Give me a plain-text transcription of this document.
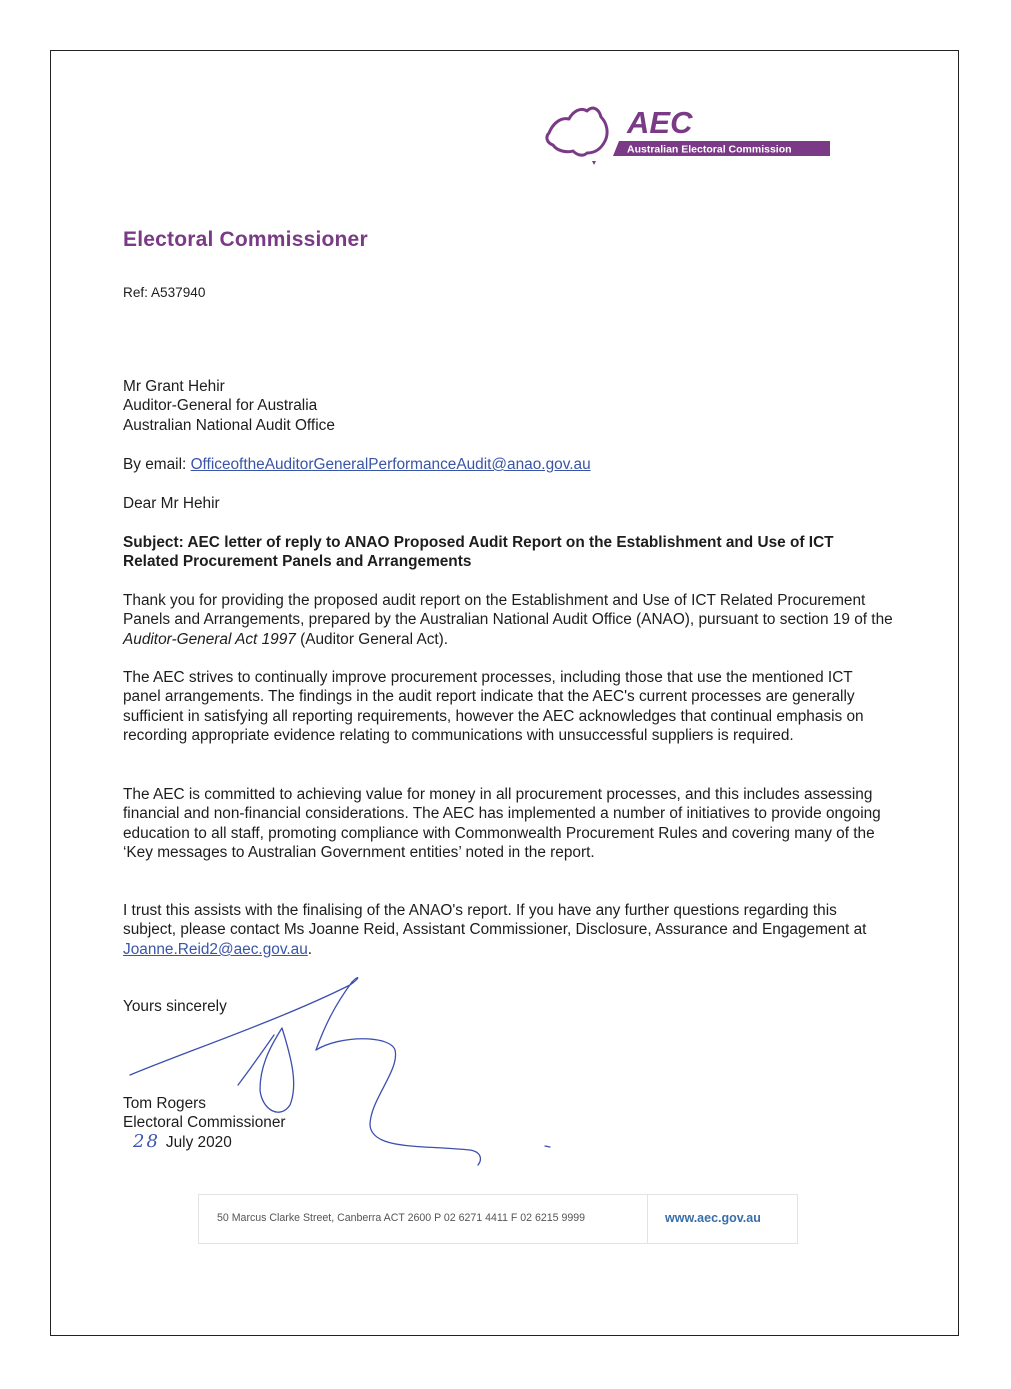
AEC
Australian Electoral Commission
Electoral Commissioner
Ref: A537940
Mr Grant Hehir
Auditor-General for Australia
Australian National Audit Office
By email: OfficeoftheAuditorGeneralPerformanceAudit@anao.gov.au
Dear Mr Hehir
Subject: AEC letter of reply to ANAO Proposed Audit Report on the Establishment and Use of ICT Related Procurement Panels and Arrangements
Thank you for providing the proposed audit report on the Establishment and Use of ICT Related Procurement Panels and Arrangements, prepared by the Australian National Audit Office (ANAO), pursuant to section 19 of the Auditor-General Act 1997 (Auditor General Act).
The AEC strives to continually improve procurement processes, including those that use the mentioned ICT panel arrangements. The findings in the audit report indicate that the AEC's current processes are generally sufficient in satisfying all reporting requirements, however the AEC acknowledges that continual emphasis on recording appropriate evidence relating to communications with unsuccessful suppliers is required.
The AEC is committed to achieving value for money in all procurement processes, and this includes assessing financial and non-financial considerations. The AEC has implemented a number of initiatives to provide ongoing education to all staff, promoting compliance with Commonwealth Procurement Rules and covering many of the ‘Key messages to Australian Government entities’ noted in the report.
I trust this assists with the finalising of the ANAO's report. If you have any further questions regarding this subject, please contact Ms Joanne Reid, Assistant Commissioner, Disclosure, Assurance and Engagement at Joanne.Reid2@aec.gov.au.
Yours sincerely
Tom Rogers
Electoral Commissioner
28 July 2020
50 Marcus Clarke Street, Canberra ACT 2600 P 02 6271 4411 F 02 6215 9999	www.aec.gov.au
